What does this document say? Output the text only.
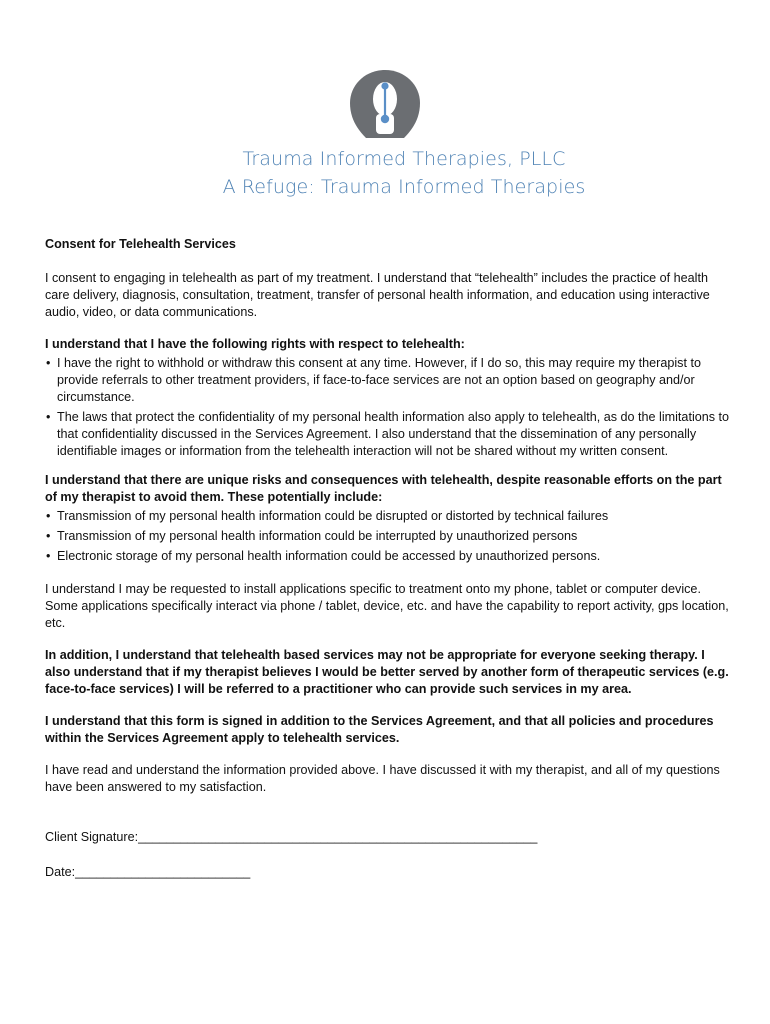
Trauma Informed Therapies, PLLC
A Refuge: Trauma Informed Therapies

Consent for Telehealth Services

I consent to engaging in telehealth as part of my treatment. I understand that “telehealth” includes the practice of health care delivery, diagnosis, consultation, treatment, transfer of personal health information, and education using interactive audio, video, or data communications.

I understand that I have the following rights with respect to telehealth:

• I have the right to withhold or withdraw this consent at any time. However, if I do so, this may require my therapist to provide referrals to other treatment providers, if face-to-face services are not an option based on geography and/or circumstance.
• The laws that protect the confidentiality of my personal health information also apply to telehealth, as do the limitations to that confidentiality discussed in the Services Agreement. I also understand that the dissemination of any personally identifiable images or information from the telehealth interaction will not be shared without my written consent.

I understand that there are unique risks and consequences with telehealth, despite reasonable efforts on the part of my therapist to avoid them. These potentially include:

• Transmission of my personal health information could be disrupted or distorted by technical failures
• Transmission of my personal health information could be interrupted by unauthorized persons
• Electronic storage of my personal health information could be accessed by unauthorized persons.

I understand I may be requested to install applications specific to treatment onto my phone, tablet or computer device. Some applications specifically interact via phone / tablet, device, etc. and have the capability to report activity, gps location, etc.

In addition, I understand that telehealth based services may not be appropriate for everyone seeking therapy. I also understand that if my therapist believes I would be better served by another form of therapeutic services (e.g. face-to-face services) I will be referred to a practitioner who can provide such services in my area.

I understand that this form is signed in addition to the Services Agreement, and that all policies and procedures within the Services Agreement apply to telehealth services.

I have read and understand the information provided above. I have discussed it with my therapist, and all of my questions have been answered to my satisfaction.

Client Signature:_________________________________________________________

Date:_________________________
